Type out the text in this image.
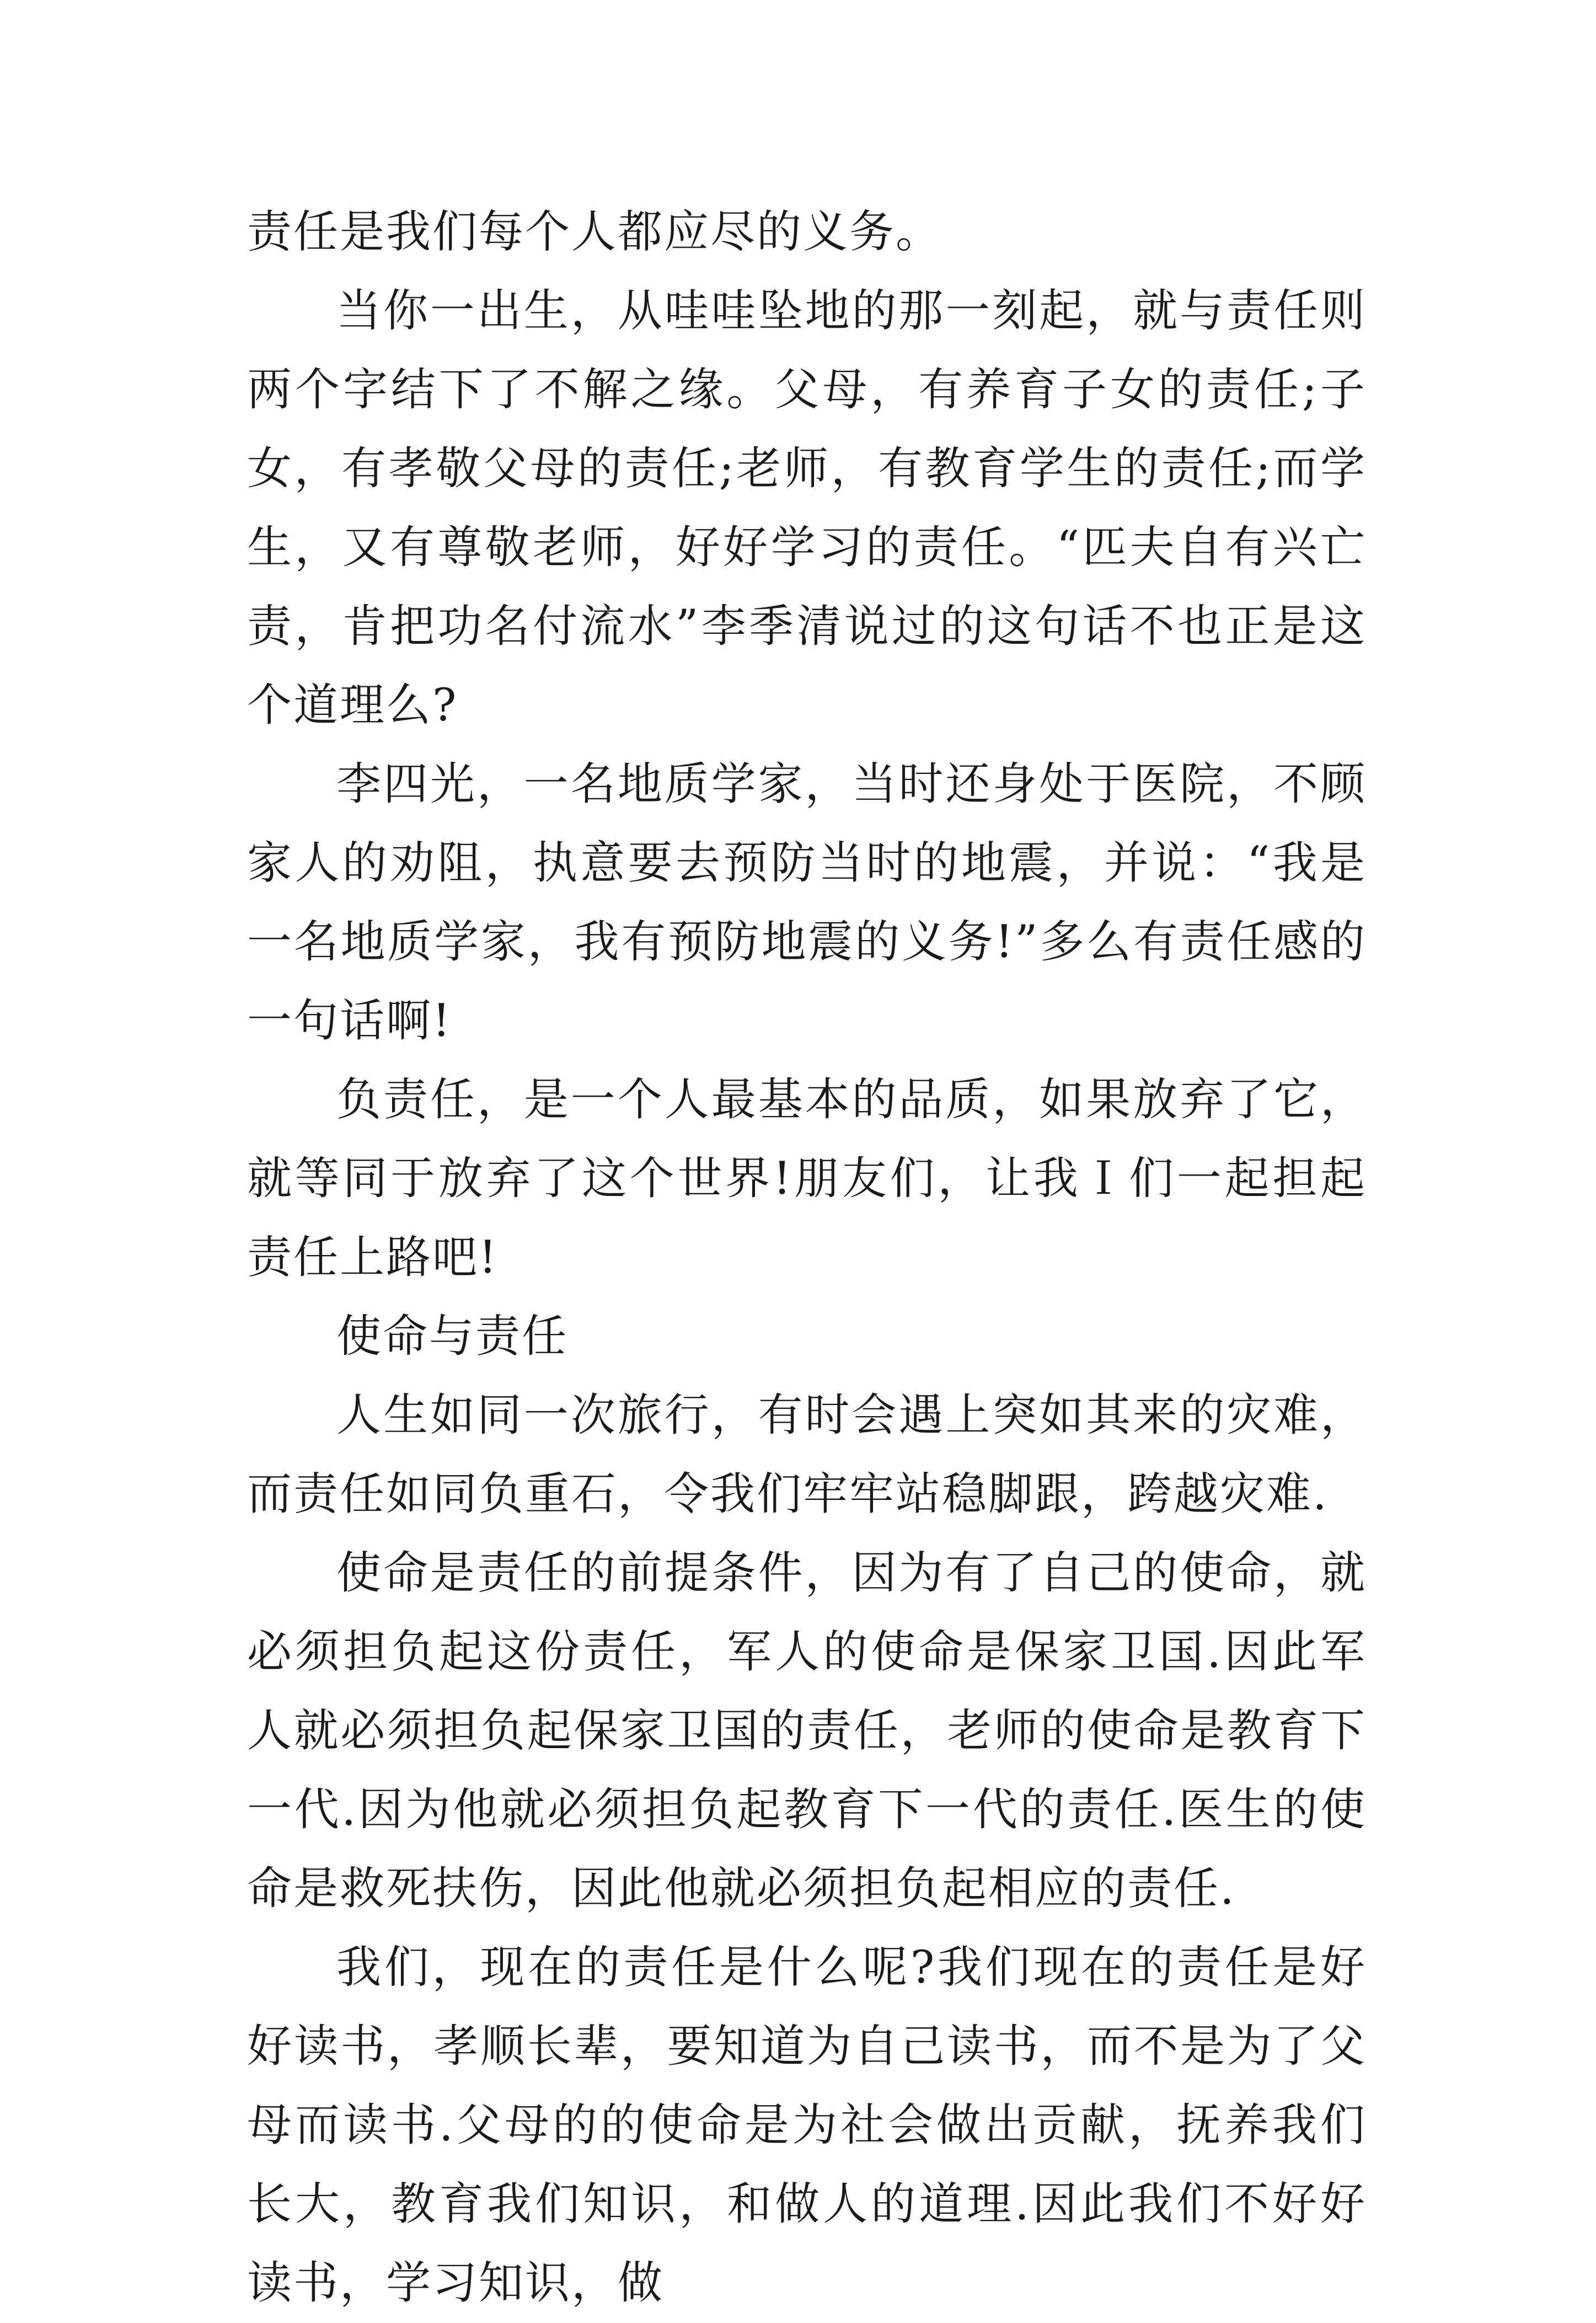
责任是我们每个人都应尽的义务。

当你一出生，从哇哇坠地的那一刻起，就与责任则两个字结下了不解之缘。父母，有养育子女的责任;子女，有孝敬父母的责任;老师，有教育学生的责任;而学生，又有尊敬老师，好好学习的责任。“匹夫自有兴亡责，肯把功名付流水”李季清说过的这句话不也正是这个道理么?

李四光，一名地质学家，当时还身处于医院，不顾家人的劝阻，执意要去预防当时的地震，并说：“我是一名地质学家，我有预防地震的义务!”多么有责任感的一句话啊!

负责任，是一个人最基本的品质，如果放弃了它，就等同于放弃了这个世界!朋友们，让我Ｉ们一起担起责任上路吧!

使命与责任

人生如同一次旅行，有时会遇上突如其来的灾难，而责任如同负重石，令我们牢牢站稳脚跟，跨越灾难.

使命是责任的前提条件，因为有了自己的使命，就必须担负起这份责任，军人的使命是保家卫国.因此军人就必须担负起保家卫国的责任，老师的使命是教育下一代.因为他就必须担负起教育下一代的责任.医生的使命是救死扶伤，因此他就必须担负起相应的责任.

我们，现在的责任是什么呢?我们现在的责任是好好读书，孝顺长辈，要知道为自己读书，而不是为了父母而读书.父母的的使命是为社会做出贡献，抚养我们长大，教育我们知识，和做人的道理.因此我们不好好读书，学习知识，做
